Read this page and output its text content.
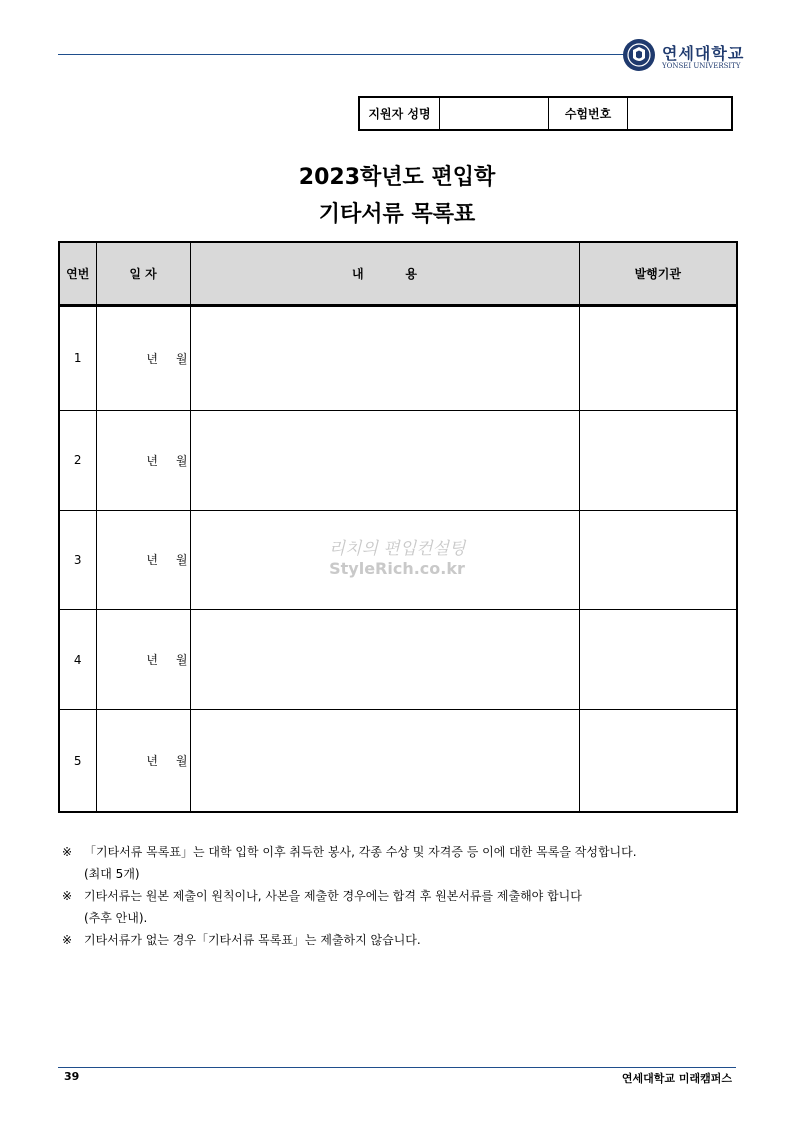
연세대학교
YONSEI UNIVERSITY
지원자 성명	수험번호
2023학년도 편입학
기타서류 목록표
연번	일 자	내          용	발행기관
1	년 월		
2	년 월		
3	년 월		
4	년 월		
5	년 월		
리치의 편입컨설팅
StyleRich.co.kr
※ 「기타서류 목록표」는 대학 입학 이후 취득한 봉사, 각종 수상 및 자격증 등 이에 대한 목록을 작성합니다.
(최대 5개)
※ 기타서류는 원본 제출이 원칙이나, 사본을 제출한 경우에는 합격 후 원본서류를 제출해야 합니다
(추후 안내).
※ 기타서류가 없는 경우「기타서류 목록표」는 제출하지 않습니다.
39	연세대학교 미래캠퍼스
